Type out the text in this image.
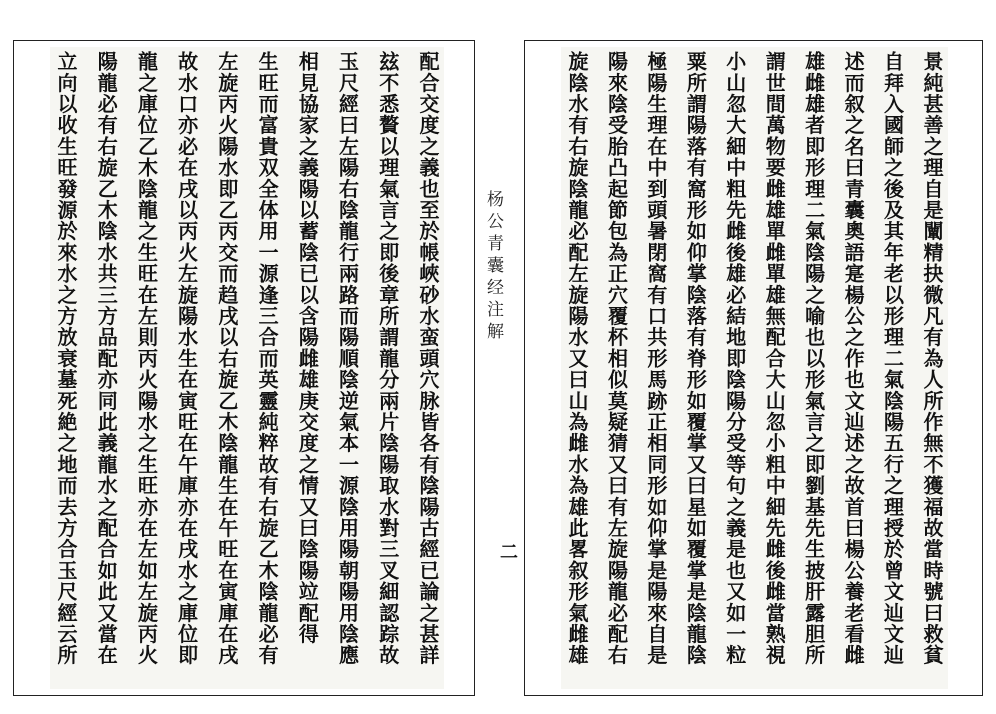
配合交度之義也至於帳峽砂水蛮頭穴脉皆各有陰陽古經已論之甚詳
玆不悉贅以理氣言之即後章所謂龍分兩片陰陽取水對三叉細認踪故
玉尺經曰左陽右陰龍行兩路而陽順陰逆氣本一源陰用陽朝陽用陰應
相見協家之義陽以蓄陰已以含陽雌雄庚交度之情又曰陰陽竝配得
生旺而富貴双全体用一源逢三合而英靈純粹故有右旋乙木陰龍必有
左旋丙火陽水即乙丙交而趋戌以右旋乙木陰龍生在午旺在寅庫在戌
故水口亦必在戌以丙火左旋陽水生在寅旺在午庫亦在戌水之庫位即
龍之庫位乙木陰龍之生旺在左則丙火陽水之生旺亦在左如左旋丙火
陽龍必有右旋乙木陰水共三方品配亦同此義龍水之配合如此又當在
立向以收生旺發源於來水之方放衰墓死絶之地而去方合玉尺經云所	杨公青囊经注解
二	景純甚善之理自是闡精抉微凡有為人所作無不獲福故當時號曰救貧
自拜入國師之後及其年老以形理二氣陰陽五行之理授於曾文辿文辿
述而叙之名曰青囊奧語寔楊公之作也文辿述之故首曰楊公養老看雌
雄雌雄者即形理二氣陰陽之喻也以形氣言之即劉基先生披肝露胆所
謂世間萬物要雌雄單雌單雄無配合大山忽小粗中細先雌後雌當熟視
小山忽大細中粗先雌後雄必結地即陰陽分受等句之義是也又如一粒
粟所謂陽落有窩形如仰掌陰落有脊形如覆掌又曰星如覆掌是陰龍陰
極陽生理在中到頭暑閉窩有口共形馬跡正相同形如仰掌是陽來自是
陽來陰受胎凸起節包為正穴覆杯相似莫疑猜又曰有左旋陽龍必配右
旋陰水有右旋陰龍必配左旋陽水又曰山為雌水為雄此畧叙形氣雌雄
